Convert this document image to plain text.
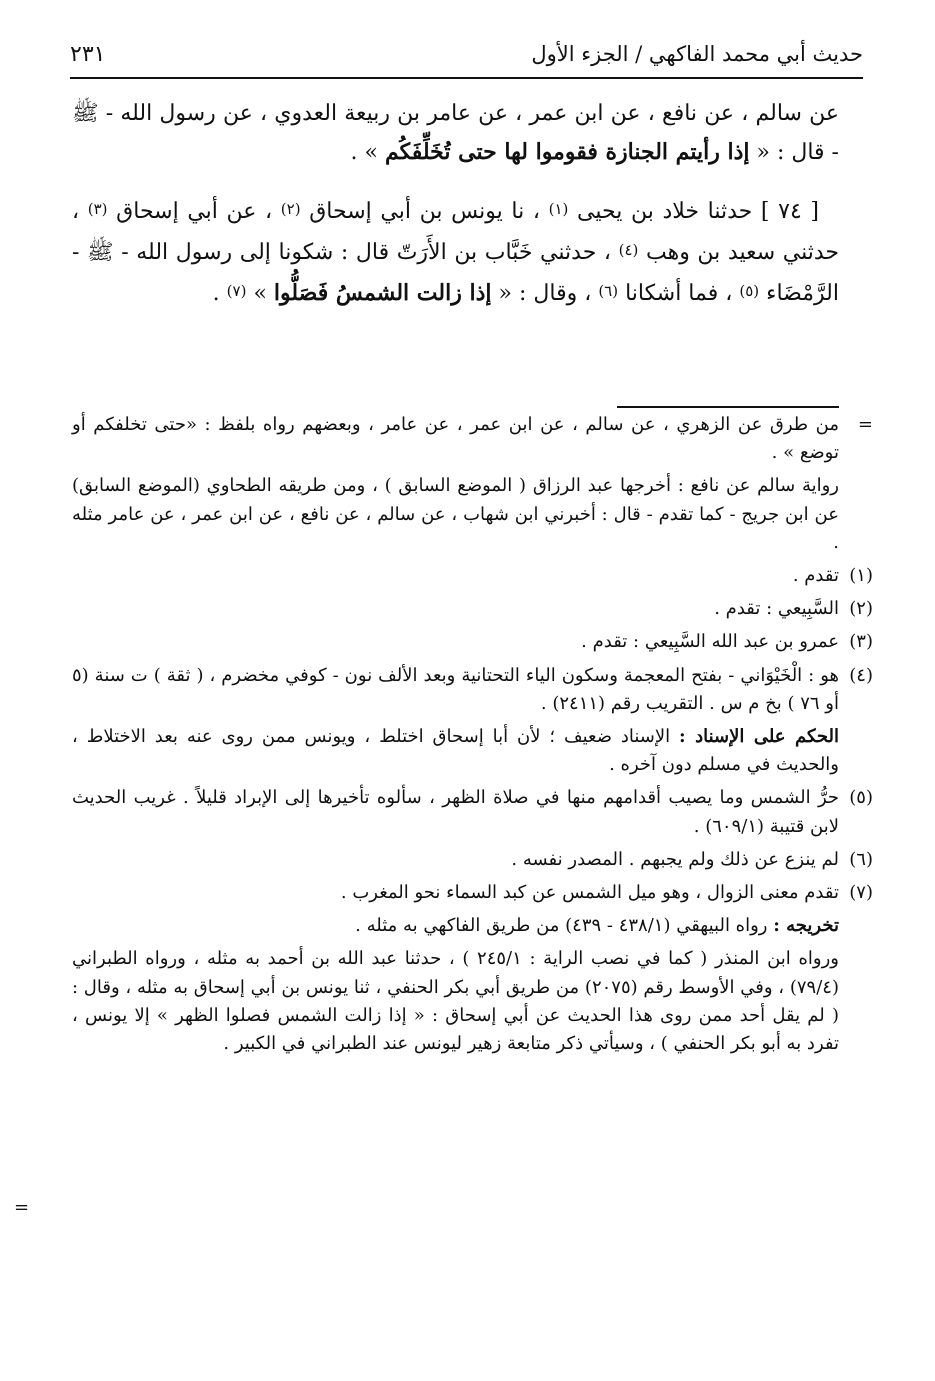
حديث أبي محمد الفاكهي / الجزء الأول
٢٣١

عن سالم ، عن نافع ، عن ابن عمر ، عن عامر بن ربيعة العدوي ، عن رسول الله - ﷺ - قال : « إذا رأيتم الجنازة فقوموا لها حتى تُخَلِّفَكُم » .

[ ٧٤ ] حدثنا خلاد بن يحيى (١) ، نا يونس بن أبي إسحاق (٢) ، عن أبي إسحاق (٣) ، حدثني سعيد بن وهب (٤) ، حدثني خَبَّاب بن الأَرَتّ قال : شكونا إلى رسول الله - ﷺ - الرَّمْضَاء (٥) ، فما أشكانا (٦) ، وقال : « إذا زالت الشمسُ فَصَلُّوا » (٧) .

=
من طرق عن الزهري ، عن سالم ، عن ابن عمر ، عن عامر ، وبعضهم رواه بلفظ : «حتى تخلفكم أو توضع » .
رواية سالم عن نافع : أخرجها عبد الرزاق ( الموضع السابق ) ، ومن طريقه الطحاوي (الموضع السابق) عن ابن جريج - كما تقدم - قال : أخبرني ابن شهاب ، عن سالم ، عن نافع ، عن ابن عمر ، عن عامر مثله .
(١)
تقدم .
(٢)
السَّبِيعي : تقدم .
(٣)
عمرو بن عبد الله السَّبِيعي : تقدم .
(٤)
هو : الْخَيْوَاني - بفتح المعجمة وسكون الياء التحتانية وبعد الألف نون - كوفي مخضرم ، ( ثقة ) ت سنة (٥ أو ٧٦ ) بخ م س . التقريب رقم (٢٤١١) .
الحكم على الإسناد : الإسناد ضعيف ؛ لأن أبا إسحاق اختلط ، ويونس ممن روى عنه بعد الاختلاط ، والحديث في مسلم دون آخره .
(٥)
حرُّ الشمس وما يصيب أقدامهم منها في صلاة الظهر ، سألوه تأخيرها إلى الإبراد قليلاً . غريب الحديث لابن قتيبة (٦٠٩/١) .
(٦)
لم ينزع عن ذلك ولم يجبهم . المصدر نفسه .
(٧)
تقدم معنى الزوال ، وهو ميل الشمس عن كبد السماء نحو المغرب .
تخريجه : رواه البيهقي (٤٣٨/١ - ٤٣٩) من طريق الفاكهي به مثله .
ورواه ابن المنذر ( كما في نصب الراية : ٢٤٥/١ ) ، حدثنا عبد الله بن أحمد به مثله ، ورواه الطبراني (٧٩/٤) ، وفي الأوسط رقم (٢٠٧٥) من طريق أبي بكر الحنفي ، ثنا يونس بن أبي إسحاق به مثله ، وقال : ( لم يقل أحد ممن روى هذا الحديث عن أبي إسحاق : « إذا زالت الشمس فصلوا الظهر » إلا يونس ، تفرد به أبو بكر الحنفي ) ، وسيأتي ذكر متابعة زهير ليونس عند الطبراني في الكبير .
=
